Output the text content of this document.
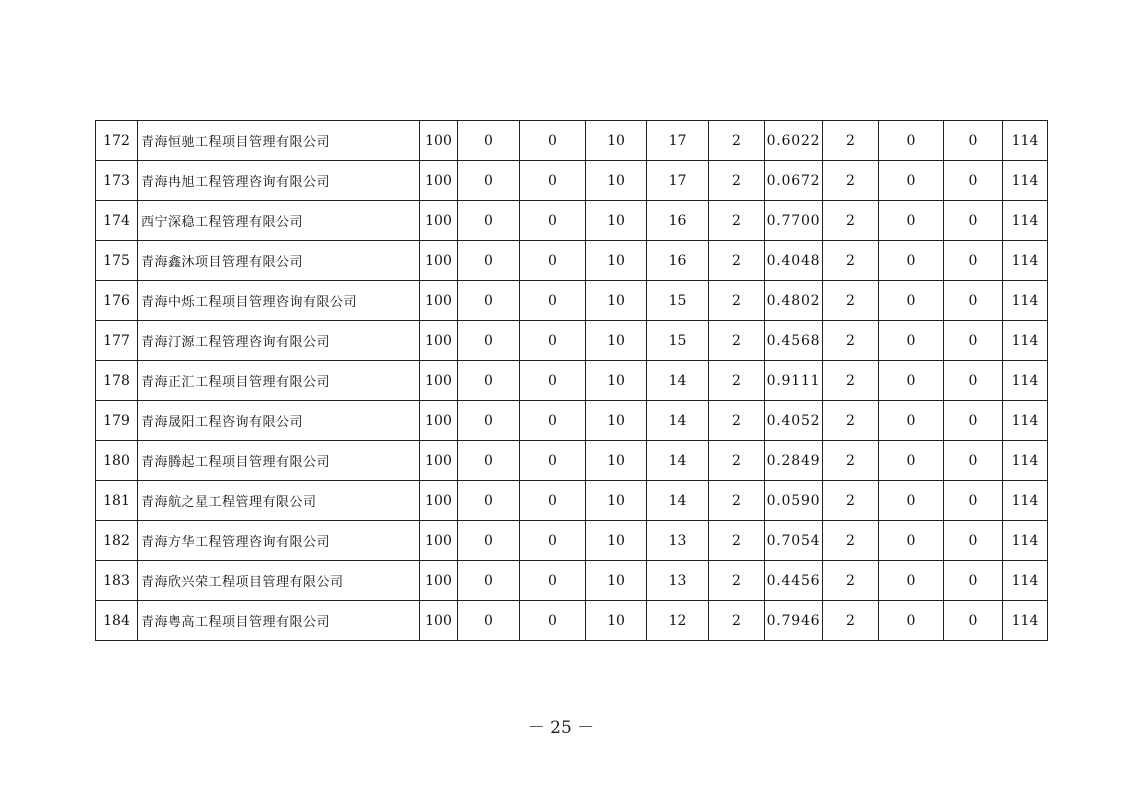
172	青海恒驰工程项目管理有限公司	100	0	0	10	17	2	0.6022	2	0	0	114
173	青海冉旭工程管理咨询有限公司	100	0	0	10	17	2	0.0672	2	0	0	114
174	西宁深稳工程管理有限公司	100	0	0	10	16	2	0.7700	2	0	0	114
175	青海鑫沐项目管理有限公司	100	0	0	10	16	2	0.4048	2	0	0	114
176	青海中烁工程项目管理咨询有限公司	100	0	0	10	15	2	0.4802	2	0	0	114
177	青海汀源工程管理咨询有限公司	100	0	0	10	15	2	0.4568	2	0	0	114
178	青海正汇工程项目管理有限公司	100	0	0	10	14	2	0.9111	2	0	0	114
179	青海晟阳工程咨询有限公司	100	0	0	10	14	2	0.4052	2	0	0	114
180	青海腾起工程项目管理有限公司	100	0	0	10	14	2	0.2849	2	0	0	114
181	青海航之星工程管理有限公司	100	0	0	10	14	2	0.0590	2	0	0	114
182	青海方华工程管理咨询有限公司	100	0	0	10	13	2	0.7054	2	0	0	114
183	青海欣兴荣工程项目管理有限公司	100	0	0	10	13	2	0.4456	2	0	0	114
184	青海粤高工程项目管理有限公司	100	0	0	10	12	2	0.7946	2	0	0	114
－ 25 －
